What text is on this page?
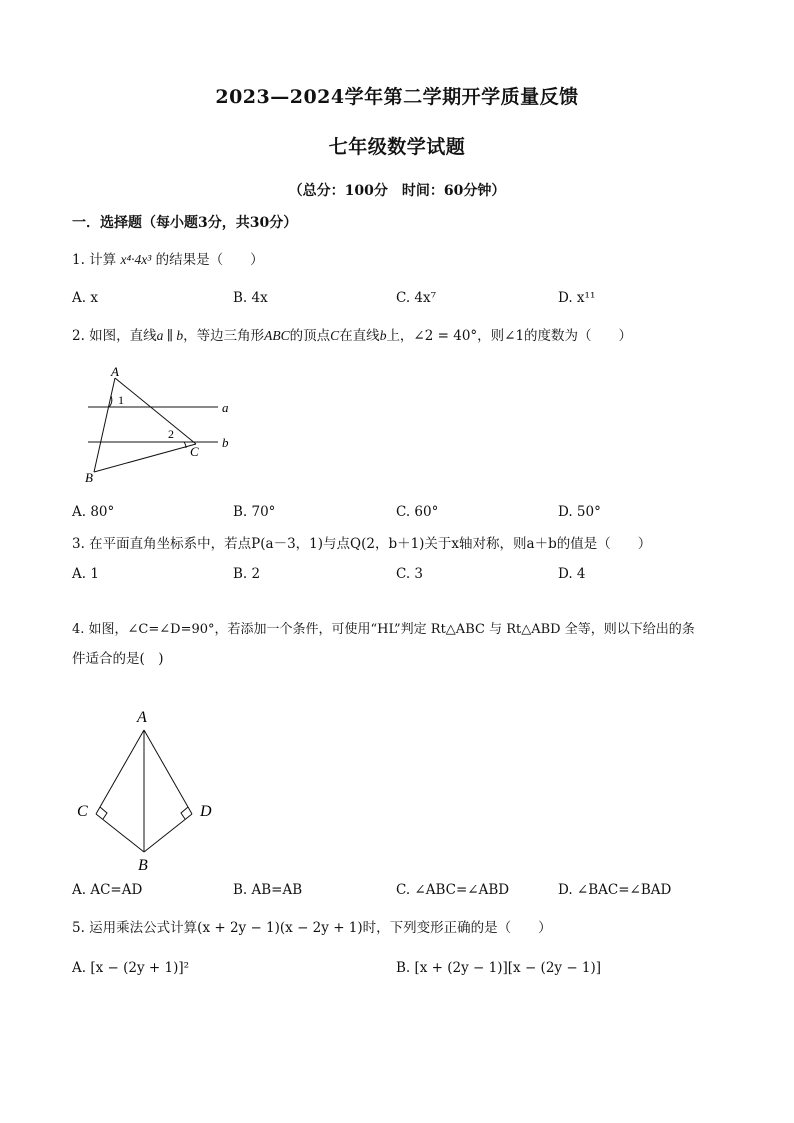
2023—2024学年第二学期开学质量反馈
七年级数学试题
（总分：100分　时间：60分钟）
一．选择题（每小题3分，共30分）
1. 计算 x⁴·4x³ 的结果是（　　）
A. x	B. 4x	C. 4x⁷	D. x¹¹
2. 如图，直线a ∥ b，等边三角形ABC的顶点C在直线b上，∠2 = 40°，则∠1的度数为（　　）
A
B
C
a
b
1
2
A. 80°	B. 70°	C. 60°	D. 50°
3. 在平面直角坐标系中，若点P(a－3，1)与点Q(2，b＋1)关于x轴对称，则a＋b的值是（　　）
A. 1	B. 2	C. 3	D. 4
4. 如图，∠C=∠D=90°，若添加一个条件，可使用“HL”判定 Rt△ABC 与 Rt△ABD 全等，则以下给出的条
件适合的是(　)
A
C	D
B
A. AC=AD	B. AB=AB	C. ∠ABC=∠ABD	D. ∠BAC=∠BAD
5. 运用乘法公式计算(x + 2y − 1)(x − 2y + 1)时，下列变形正确的是（　　）
A. [x − (2y + 1)]²	B. [x + (2y − 1)][x − (2y − 1)]
